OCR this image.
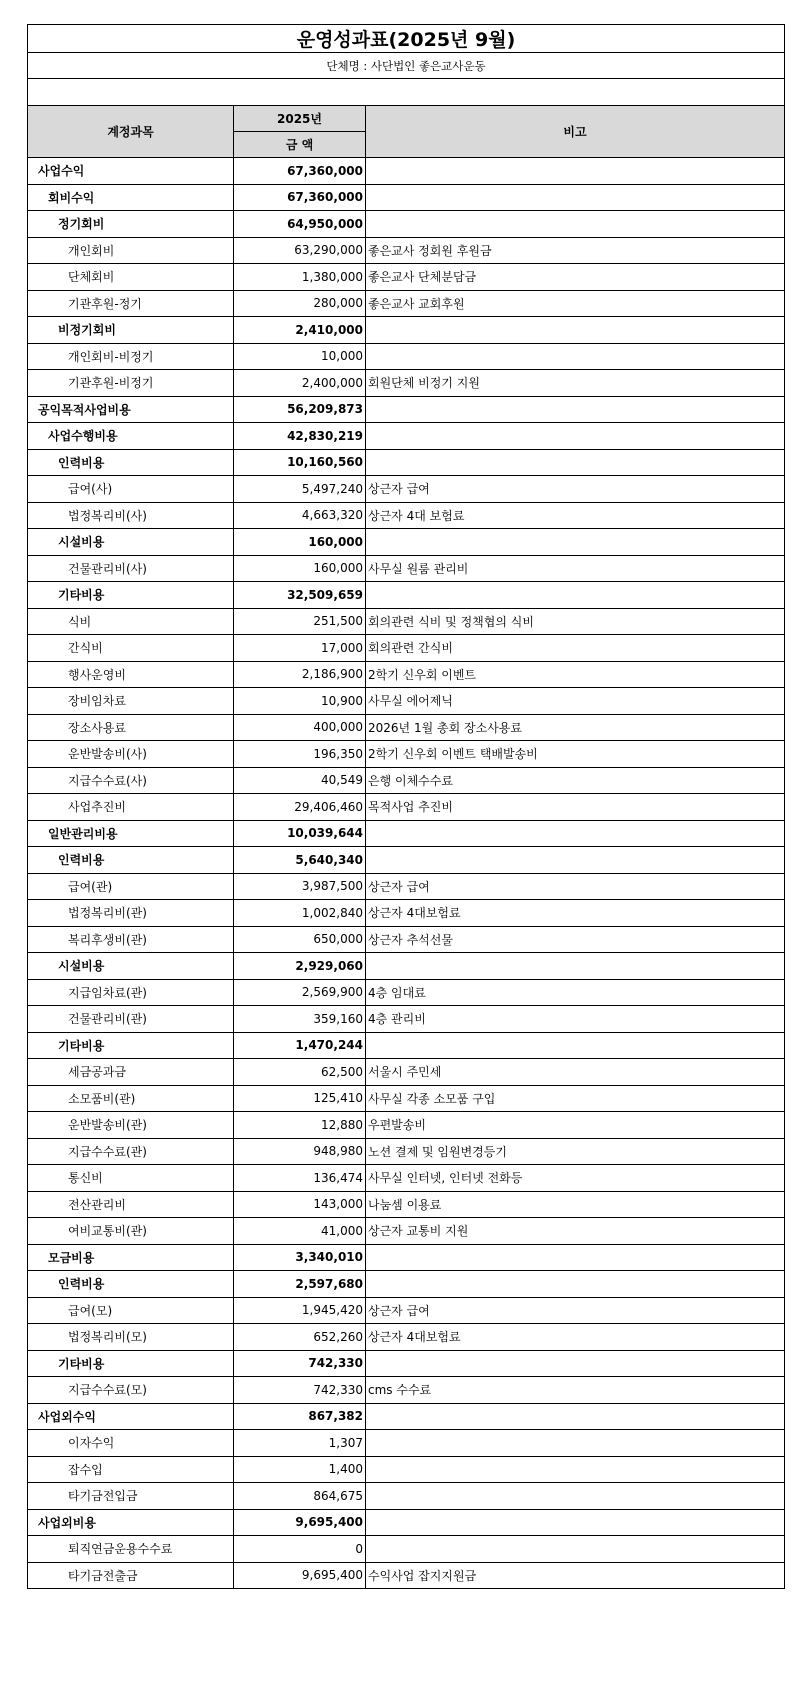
운영성과표(2025년 9월)		
단체명 : 사단법인 좋은교사운동		

계정과목	2025년	비고
	금 액	
사업수익	67,360,000	
회비수익	67,360,000	
정기회비	64,950,000	
개인회비	63,290,000	좋은교사 정회원 후원금
단체회비	1,380,000	좋은교사 단체분담금
기관후원-정기	280,000	좋은교사 교회후원
비정기회비	2,410,000	
개인회비-비정기	10,000	
기관후원-비정기	2,400,000	회원단체 비정기 지원
공익목적사업비용	56,209,873	
사업수행비용	42,830,219	
인력비용	10,160,560	
급여(사)	5,497,240	상근자 급여
법정복리비(사)	4,663,320	상근자 4대 보험료
시설비용	160,000	
건물관리비(사)	160,000	사무실 원룸 관리비
기타비용	32,509,659	
식비	251,500	회의관련 식비 및 정책협의 식비
간식비	17,000	회의관련 간식비
행사운영비	2,186,900	2학기 신우회 이벤트
장비임차료	10,900	사무실 에어제닉
장소사용료	400,000	2026년 1월 총회 장소사용료
운반발송비(사)	196,350	2학기 신우회 이벤트 택배발송비
지급수수료(사)	40,549	은행 이체수수료
사업추진비	29,406,460	목적사업 추진비
일반관리비용	10,039,644	
인력비용	5,640,340	
급여(관)	3,987,500	상근자 급여
법정복리비(관)	1,002,840	상근자 4대보험료
복리후생비(관)	650,000	상근자 추석선물
시설비용	2,929,060	
지급임차료(관)	2,569,900	4층 임대료
건물관리비(관)	359,160	4층 관리비
기타비용	1,470,244	
세금공과금	62,500	서울시 주민세
소모품비(관)	125,410	사무실 각종 소모품 구입
운반발송비(관)	12,880	우편발송비
지급수수료(관)	948,980	노션 결제 및 임원변경등기
통신비	136,474	사무실 인터넷, 인터넷 전화등
전산관리비	143,000	나눔셈 이용료
여비교통비(관)	41,000	상근자 교통비 지원
모금비용	3,340,010	
인력비용	2,597,680	
급여(모)	1,945,420	상근자 급여
법정복리비(모)	652,260	상근자 4대보험료
기타비용	742,330	
지급수수료(모)	742,330	cms 수수료
사업외수익	867,382	
이자수익	1,307	
잡수입	1,400	
타기금전입금	864,675	
사업외비용	9,695,400	
퇴직연금운용수수료	0	
타기금전출금	9,695,400	수익사업 잡지지원금
